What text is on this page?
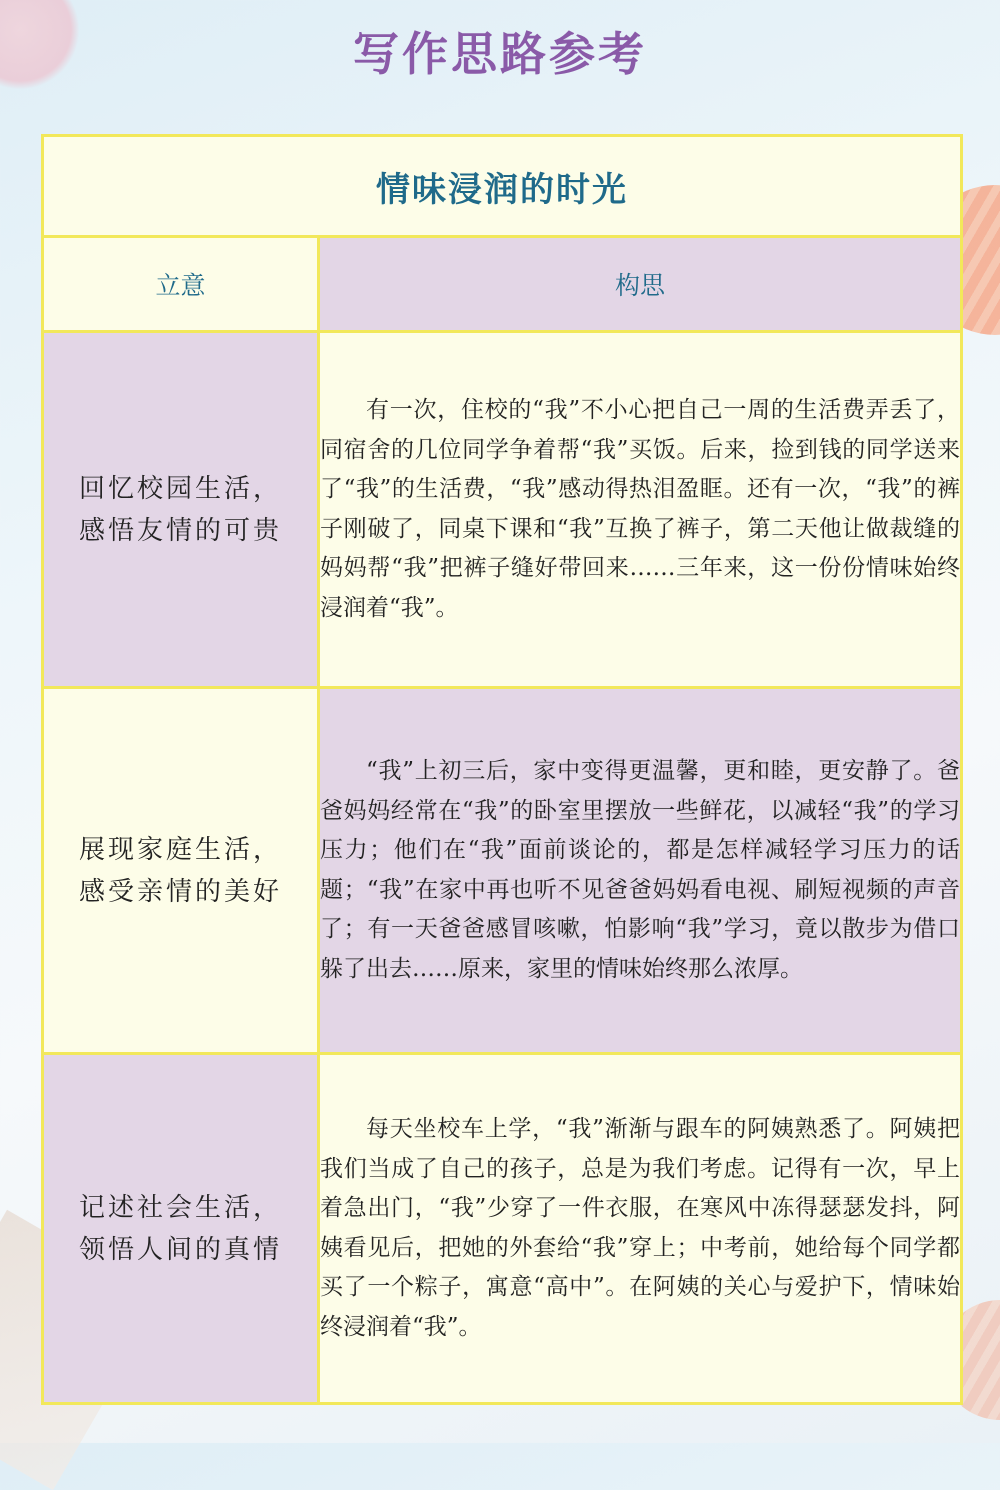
写作思路参考
情味浸润的时光	
立意	构思

回忆校园生活，
感悟友情的可贵	有一次，住校的“我”不小心把自己一周的生活费弄丢了，同宿舍的几位同学争着帮“我”买饭。后来，捡到钱的同学送来了“我”的生活费，“我”感动得热泪盈眶。还有一次，“我”的裤子刚破了，同桌下课和“我”互换了裤子，第二天他让做裁缝的妈妈帮“我”把裤子缝好带回来……三年来，这一份份情味始终浸润着“我”。

展现家庭生活，
感受亲情的美好	“我”上初三后，家中变得更温馨，更和睦，更安静了。爸爸妈妈经常在“我”的卧室里摆放一些鲜花，以减轻“我”的学习压力；他们在“我”面前谈论的，都是怎样减轻学习压力的话题；“我”在家中再也听不见爸爸妈妈看电视、刷短视频的声音了；有一天爸爸感冒咳嗽，怕影响“我”学习，竟以散步为借口躲了出去……原来，家里的情味始终那么浓厚。

记述社会生活，
领悟人间的真情	每天坐校车上学，“我”渐渐与跟车的阿姨熟悉了。阿姨把我们当成了自己的孩子，总是为我们考虑。记得有一次，早上着急出门，“我”少穿了一件衣服，在寒风中冻得瑟瑟发抖，阿姨看见后，把她的外套给“我”穿上；中考前，她给每个同学都买了一个粽子，寓意“高中”。在阿姨的关心与爱护下，情味始终浸润着“我”。
